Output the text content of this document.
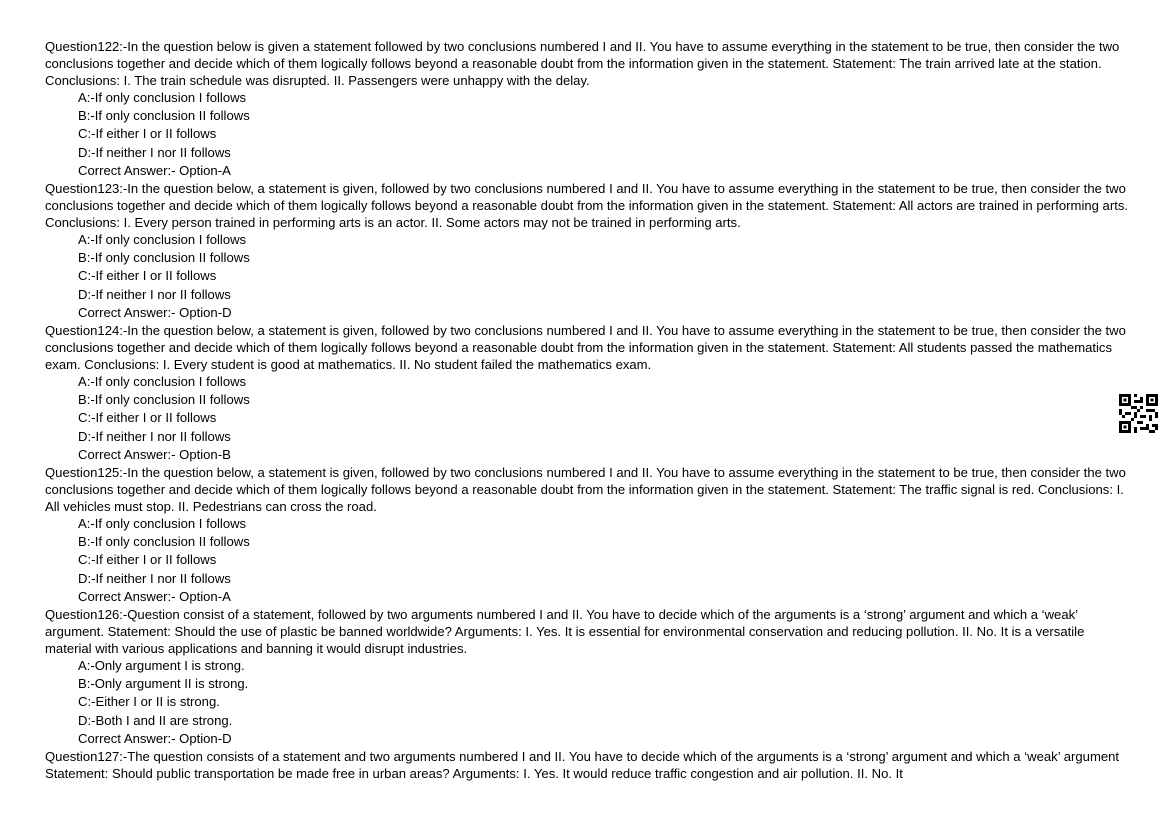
Question122:-In the question below is given a statement followed by two conclusions numbered I and II. You have to assume everything in the statement to be true, then consider the two conclusions together and decide which of them logically follows beyond a reasonable doubt from the information given in the statement. Statement: The train arrived late at the station. Conclusions: I. The train schedule was disrupted. II. Passengers were unhappy with the delay.

A:-If only conclusion I follows
B:-If only conclusion II follows
C:-If either I or II follows
D:-If neither I nor II follows
Correct Answer:- Option-A

Question123:-In the question below, a statement is given, followed by two conclusions numbered I and II. You have to assume everything in the statement to be true, then consider the two conclusions together and decide which of them logically follows beyond a reasonable doubt from the information given in the statement. Statement: All actors are trained in performing arts. Conclusions: I. Every person trained in performing arts is an actor. II. Some actors may not be trained in performing arts.

A:-If only conclusion I follows
B:-If only conclusion II follows
C:-If either I or II follows
D:-If neither I nor II follows
Correct Answer:- Option-D

Question124:-In the question below, a statement is given, followed by two conclusions numbered I and II. You have to assume everything in the statement to be true, then consider the two conclusions together and decide which of them logically follows beyond a reasonable doubt from the information given in the statement. Statement: All students passed the mathematics exam. Conclusions: I. Every student is good at mathematics. II. No student failed the mathematics exam.

A:-If only conclusion I follows
B:-If only conclusion II follows
C:-If either I or II follows
D:-If neither I nor II follows
Correct Answer:- Option-B

Question125:-In the question below, a statement is given, followed by two conclusions numbered I and II. You have to assume everything in the statement to be true, then consider the two conclusions together and decide which of them logically follows beyond a reasonable doubt from the information given in the statement. Statement: The traffic signal is red. Conclusions: I. All vehicles must stop. II. Pedestrians can cross the road.

A:-If only conclusion I follows
B:-If only conclusion II follows
C:-If either I or II follows
D:-If neither I nor II follows
Correct Answer:- Option-A

Question126:-Question consist of a statement, followed by two arguments numbered I and II. You have to decide which of the arguments is a ‘strong’ argument and which a ‘weak’ argument. Statement: Should the use of plastic be banned worldwide? Arguments: I. Yes. It is essential for environmental conservation and reducing pollution. II. No. It is a versatile material with various applications and banning it would disrupt industries.

A:-Only argument I is strong.
B:-Only argument II is strong.
C:-Either I or II is strong.
D:-Both I and II are strong.
Correct Answer:- Option-D

Question127:-The question consists of a statement and two arguments numbered I and II. You have to decide which of the arguments is a ‘strong’ argument and which a ‘weak’ argument Statement: Should public transportation be made free in urban areas? Arguments: I. Yes. It would reduce traffic congestion and air pollution. II. No. It
